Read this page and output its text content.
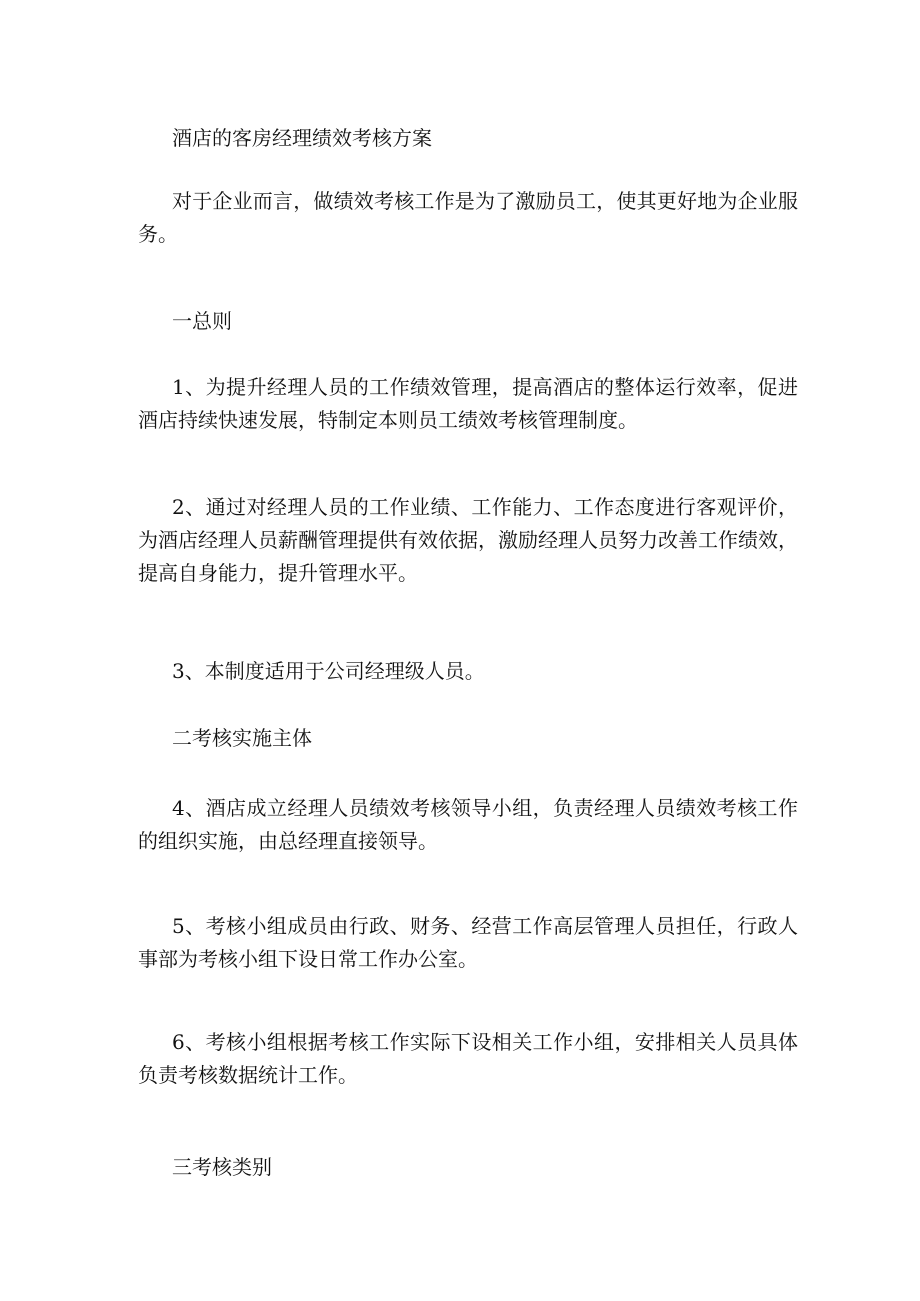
酒店的客房经理绩效考核方案

对于企业而言，做绩效考核工作是为了激励员工，使其更好地为企业服务。

一总则

1、为提升经理人员的工作绩效管理，提高酒店的整体运行效率，促进酒店持续快速发展，特制定本则员工绩效考核管理制度。

2、通过对经理人员的工作业绩、工作能力、工作态度进行客观评价，为酒店经理人员薪酬管理提供有效依据，激励经理人员努力改善工作绩效，提高自身能力，提升管理水平。

3、本制度适用于公司经理级人员。

二考核实施主体

4、酒店成立经理人员绩效考核领导小组，负责经理人员绩效考核工作的组织实施，由总经理直接领导。

5、考核小组成员由行政、财务、经营工作高层管理人员担任，行政人事部为考核小组下设日常工作办公室。

6、考核小组根据考核工作实际下设相关工作小组，安排相关人员具体负责考核数据统计工作。

三考核类别
